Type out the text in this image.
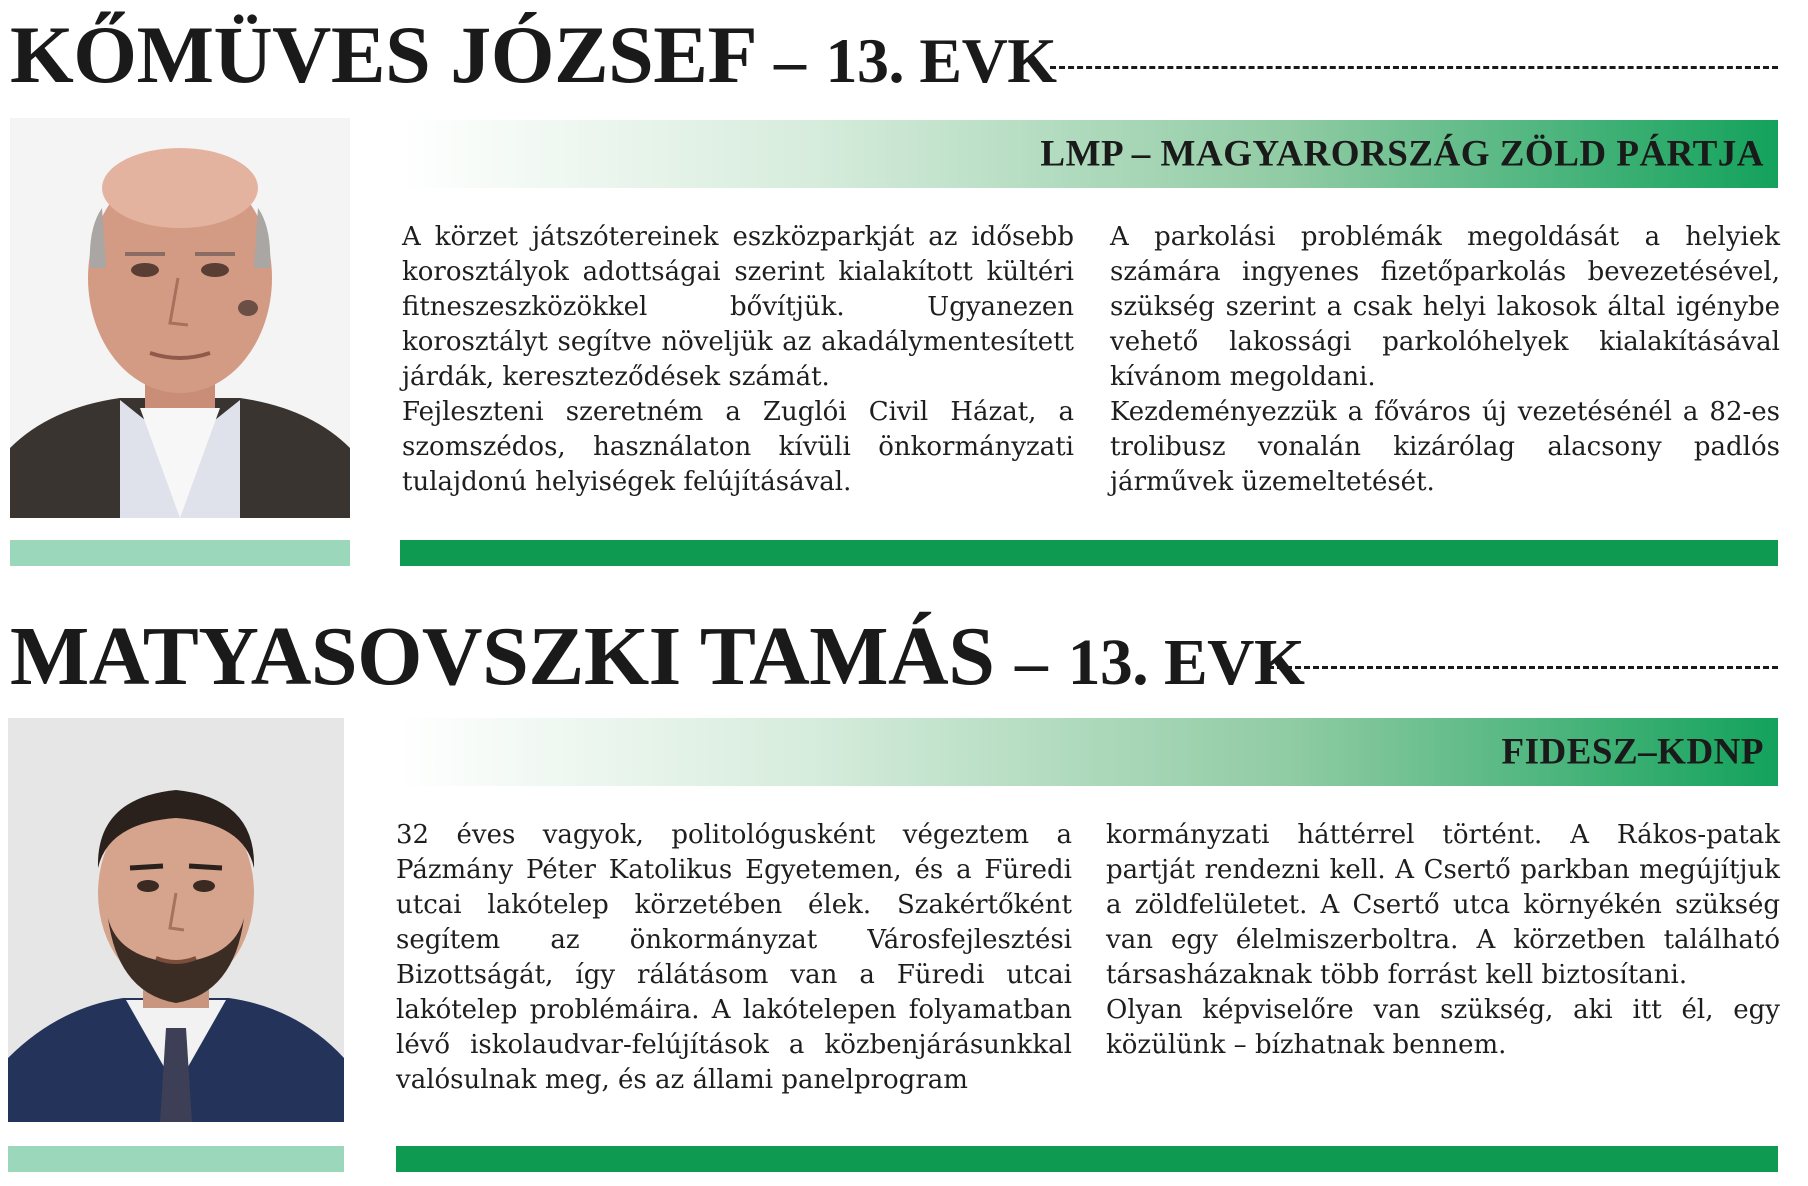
KŐMÜVES JÓZSEF – 13. EVK
LMP – MAGYARORSZÁG ZÖLD PÁRTJA

A körzet játszótereinek eszközparkját az idősebb korosztályok adottságai szerint kialakított kültéri fitneszeszközökkel bővítjük. Ugyanezen korosztályt segítve növeljük az akadálymentesített járdák, kereszteződések számát.

Fejleszteni szeretném a Zuglói Civil Házat, a szomszédos, használaton kívüli önkormányzati tulajdonú helyiségek felújításával.

A parkolási problémák megoldását a helyiek számára ingyenes fizetőparkolás bevezetésével, szükség szerint a csak helyi lakosok által igénybe vehető lakossági parkolóhelyek kialakításával kívánom megoldani.

Kezdeményezzük a főváros új vezetésénél a 82-es trolibusz vonalán kizárólag alacsony padlós járművek üzemeltetését.

MATYASOVSZKI TAMÁS – 13. EVK
FIDESZ–KDNP

32 éves vagyok, politológusként végeztem a Pázmány Péter Katolikus Egyetemen, és a Füredi utcai lakótelep körzetében élek. Szakértőként segítem az önkormányzat Városfejlesztési Bizottságát, így rálátásom van a Füredi utcai lakótelep problémáira. A lakótelepen folyamatban lévő iskolaudvar-felújítások a közbenjárásunkkal valósulnak meg, és az állami panelprogram

kormányzati háttérrel történt. A Rákos-patak partját rendezni kell. A Csertő parkban megújítjuk a zöldfelületet. A Csertő utca környékén szükség van egy élelmiszerboltra. A körzetben található társasházaknak több forrást kell biztosítani.

Olyan képviselőre van szükség, aki itt él, egy közülünk – bízhatnak bennem.
